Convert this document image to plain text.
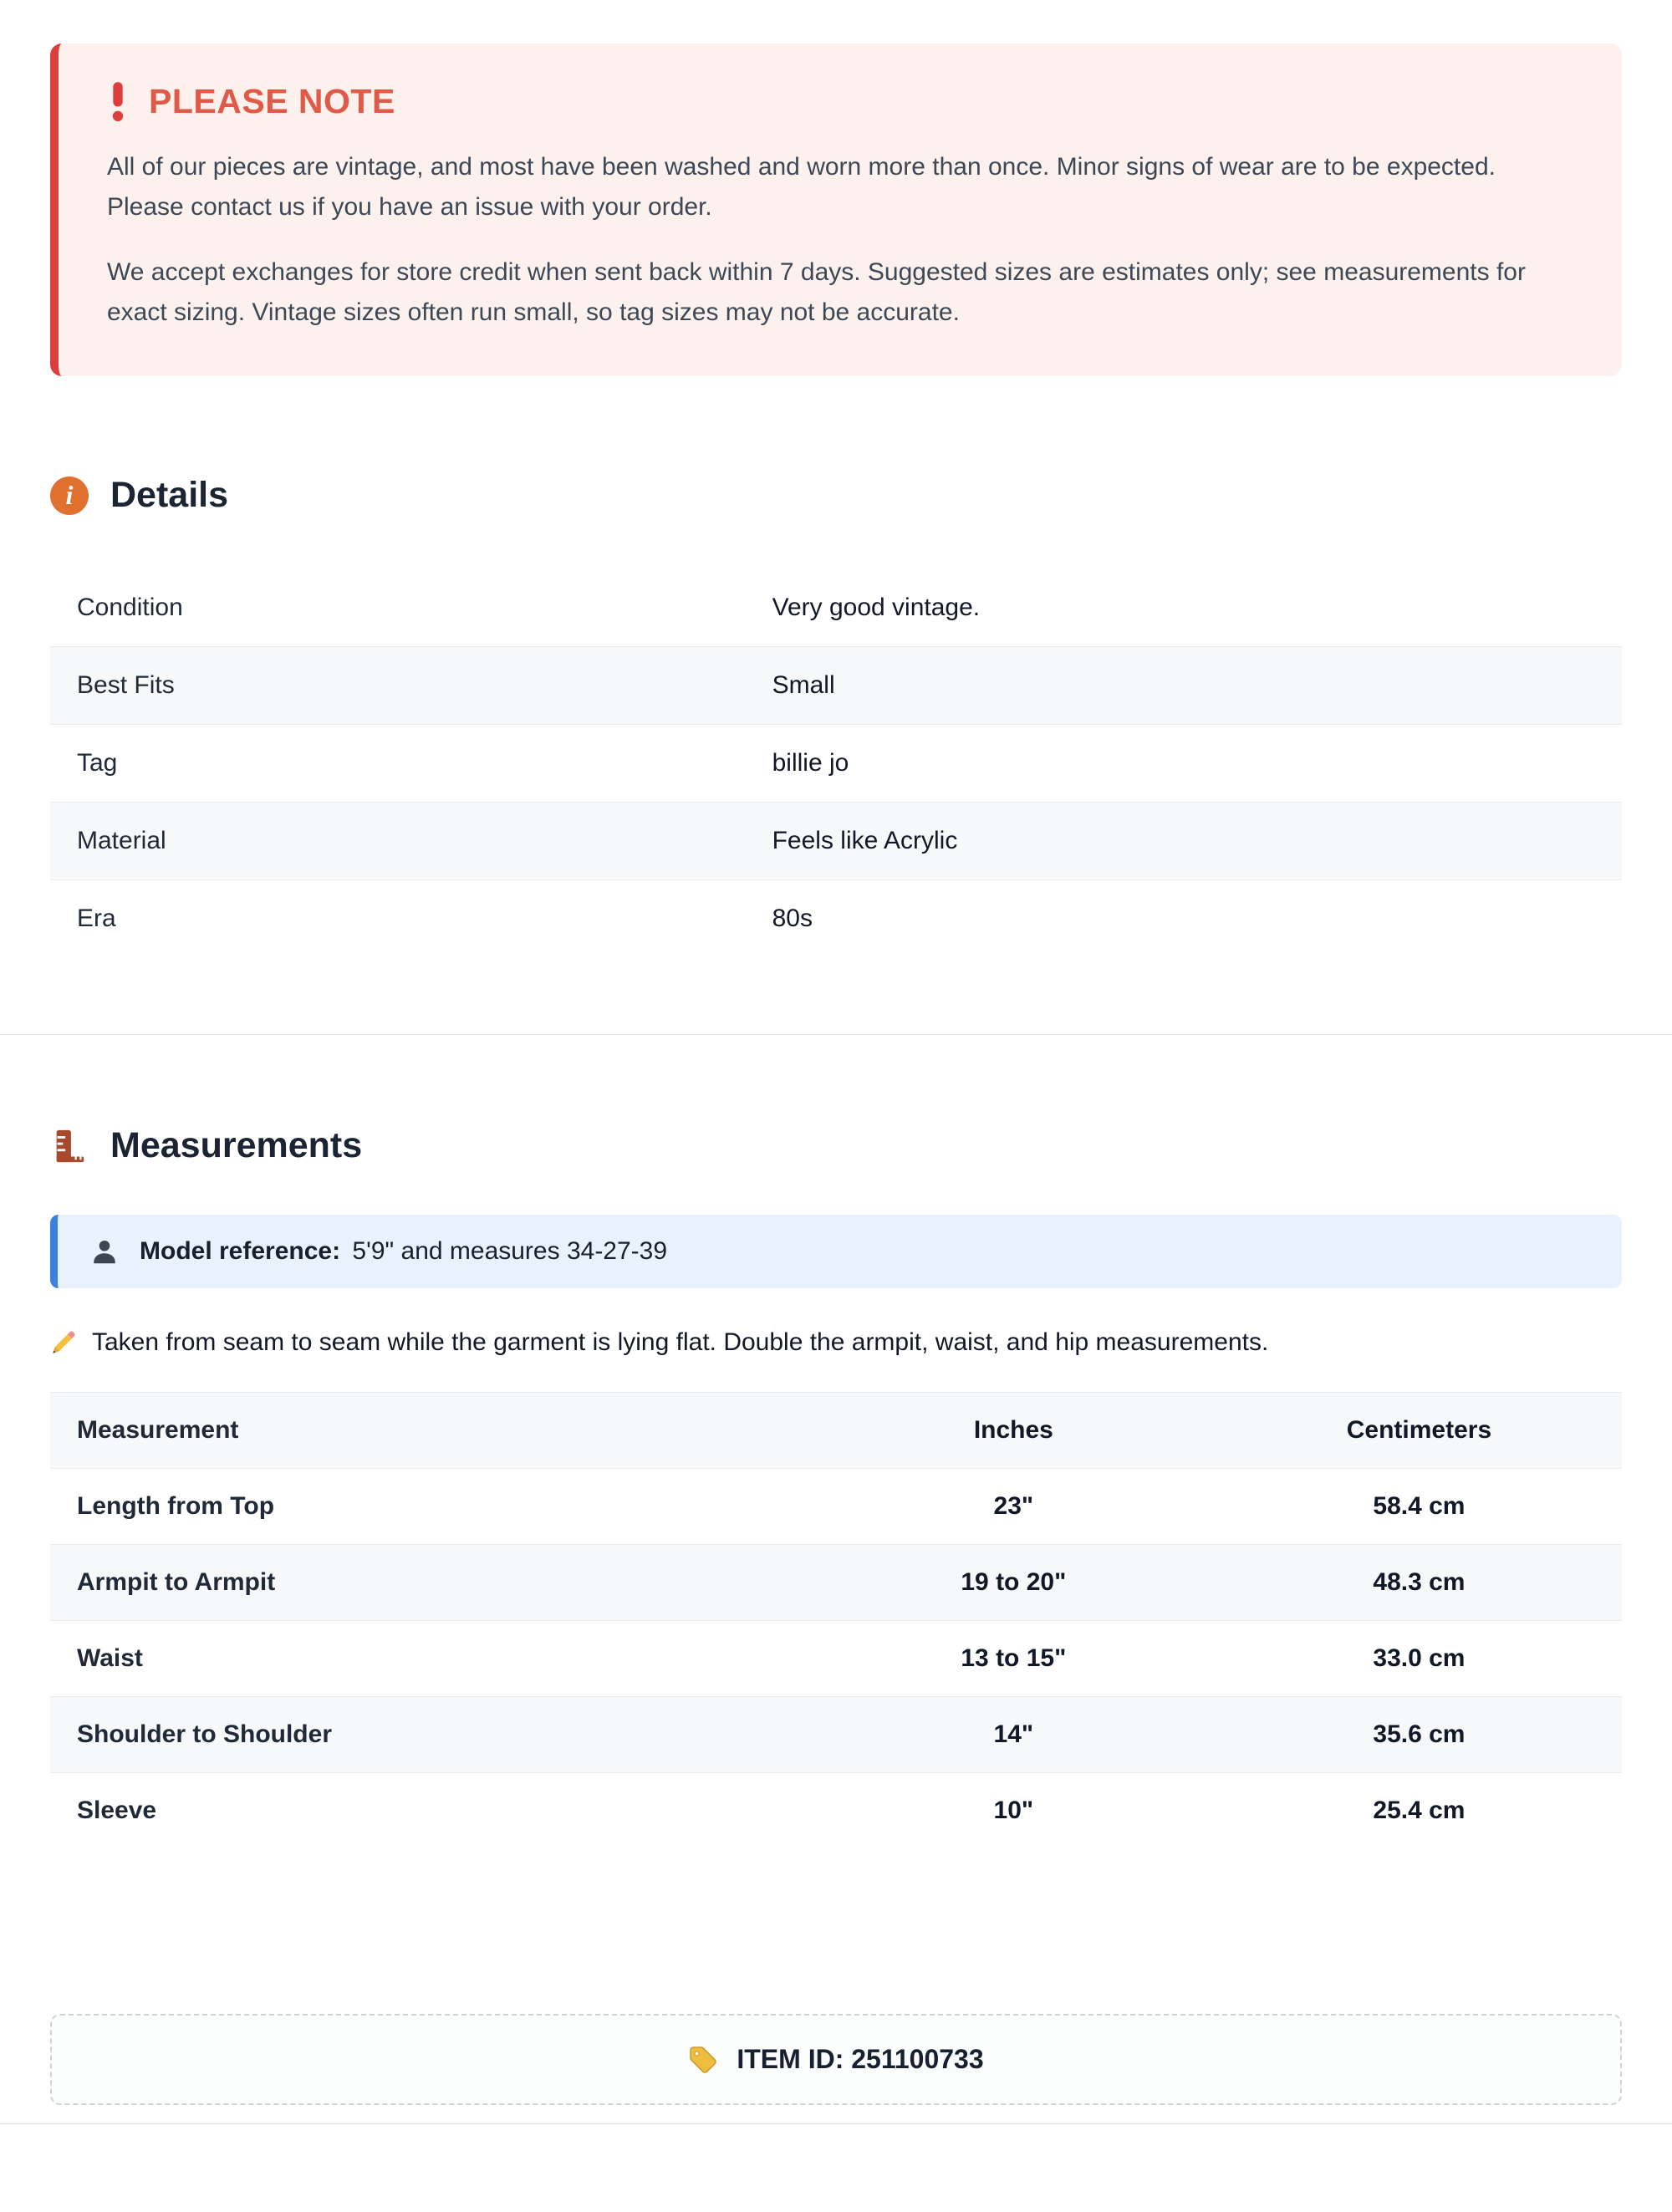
PLEASE NOTE

All of our pieces are vintage, and most have been washed and worn more than once. Minor signs of wear are to be expected. Please contact us if you have an issue with your order.

We accept exchanges for store credit when sent back within 7 days. Suggested sizes are estimates only; see measurements for exact sizing. Vintage sizes often run small, so tag sizes may not be accurate.

i	Details
Condition	Very good vintage.
Best Fits	Small
Tag	billie jo
Material	Feels like Acrylic
Era	80s
Measurements
Model reference: 5'9" and measures 34-27-39
Taken from seam to seam while the garment is lying flat. Double the armpit, waist, and hip measurements.
Measurement	Inches	Centimeters
Length from Top	23"	58.4 cm
Armpit to Armpit	19 to 20"	48.3 cm
Waist	13 to 15"	33.0 cm
Shoulder to Shoulder	14"	35.6 cm
Sleeve	10"	25.4 cm
ITEM ID: 251100733
